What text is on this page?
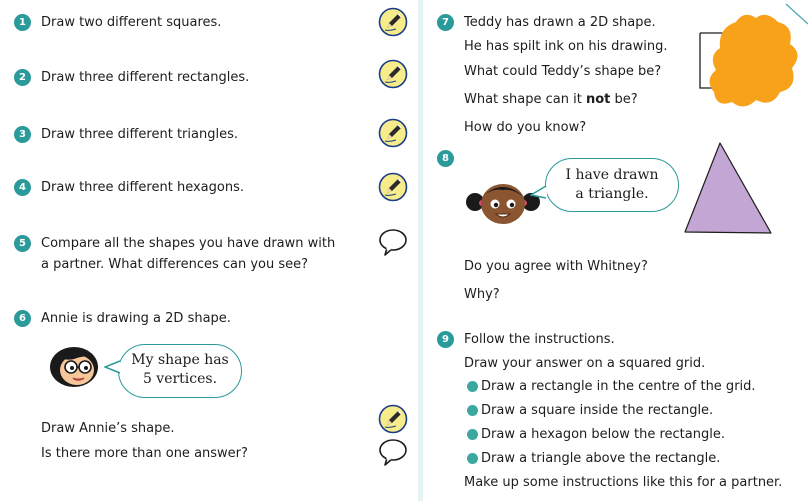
1	Draw two different squares.
2	Draw three different rectangles.
3	Draw three different triangles.
4	Draw three different hexagons.
5	Compare all the shapes you have drawn with
a partner. What differences can you see?
6	Annie is drawing a 2D shape.
My shape has
5 vertices.
Draw Annie’s shape.
Is there more than one answer?
7	Teddy has drawn a 2D shape.
He has spilt ink on his drawing.
What could Teddy’s shape be?
What shape can it not be?
How do you know?
8
I have drawn
a triangle.
Do you agree with Whitney?
Why?
9	Follow the instructions.
Draw your answer on a squared grid.
Draw a rectangle in the centre of the grid.
Draw a square inside the rectangle.
Draw a hexagon below the rectangle.
Draw a triangle above the rectangle.
Make up some instructions like this for a partner.
